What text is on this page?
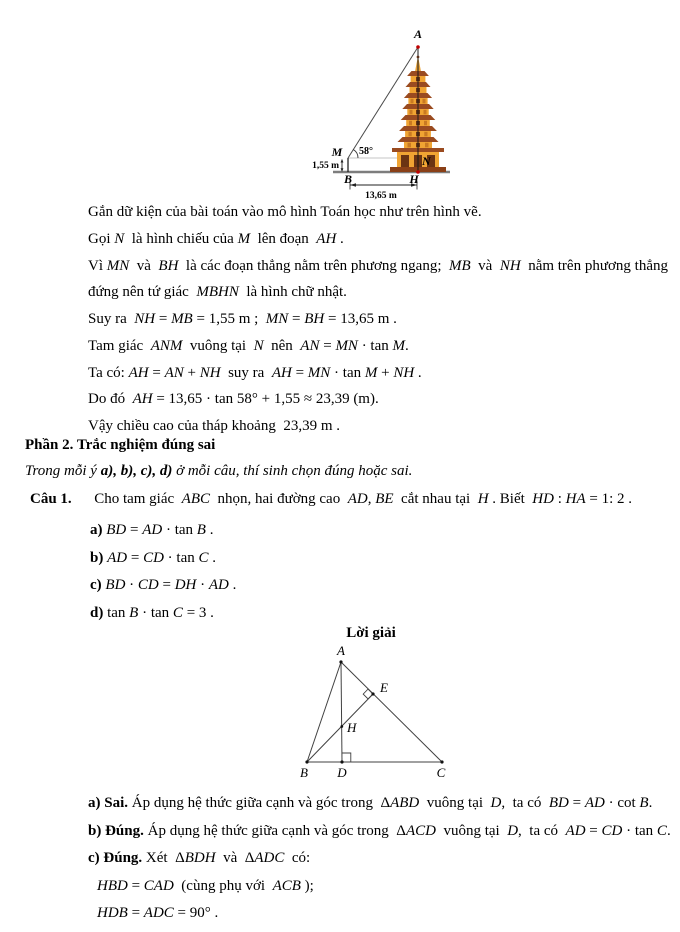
M
A
N
B	H
58°
1,55 m
13,65 m
Gắn dữ kiện của bài toán vào mô hình Toán học như trên hình vẽ.
Gọi N  là hình chiếu của M  lên đoạn  AH .
Vì MN  và  BH  là các đoạn thẳng nằm trên phương ngang;  MB  và  NH  nằm trên phương thẳng
đứng nên tứ giác  MBHN  là hình chữ nhật.
Suy ra  NH = MB = 1,55 m ;  MN = BH = 13,65 m .
Tam giác  ANM  vuông tại  N  nên  AN = MN · tan M.
Ta có: AH = AN + NH  suy ra  AH = MN · tan M + NH .
Do đó  AH = 13,65 · tan 58° + 1,55 ≈ 23,39 (m).
Vậy chiều cao của tháp khoảng  23,39 m .
Phần 2. Trắc nghiệm đúng sai
Trong mỗi ý a), b), c), d) ở mỗi câu, thí sinh chọn đúng hoặc sai.
Câu 1.      Cho tam giác  ABC  nhọn, hai đường cao  AD, BE  cắt nhau tại  H . Biết  HD : HA = 1: 2 .
a) BD = AD · tan B .
b) AD = CD · tan C .
c) BD · CD = DH · AD .
d) tan B · tan C = 3 .
Lời giải
A
B D	C
E
H
a) Sai. Áp dụng hệ thức giữa cạnh và góc trong  ΔABD  vuông tại  D,  ta có  BD = AD · cot B.
b) Đúng. Áp dụng hệ thức giữa cạnh và góc trong  ΔACD  vuông tại  D,  ta có  AD = CD · tan C.
c) Đúng. Xét  ΔBDH  và  ΔADC  có:
HBD = CAD  (cùng phụ với  ACB );
HDB = ADC = 90° .
